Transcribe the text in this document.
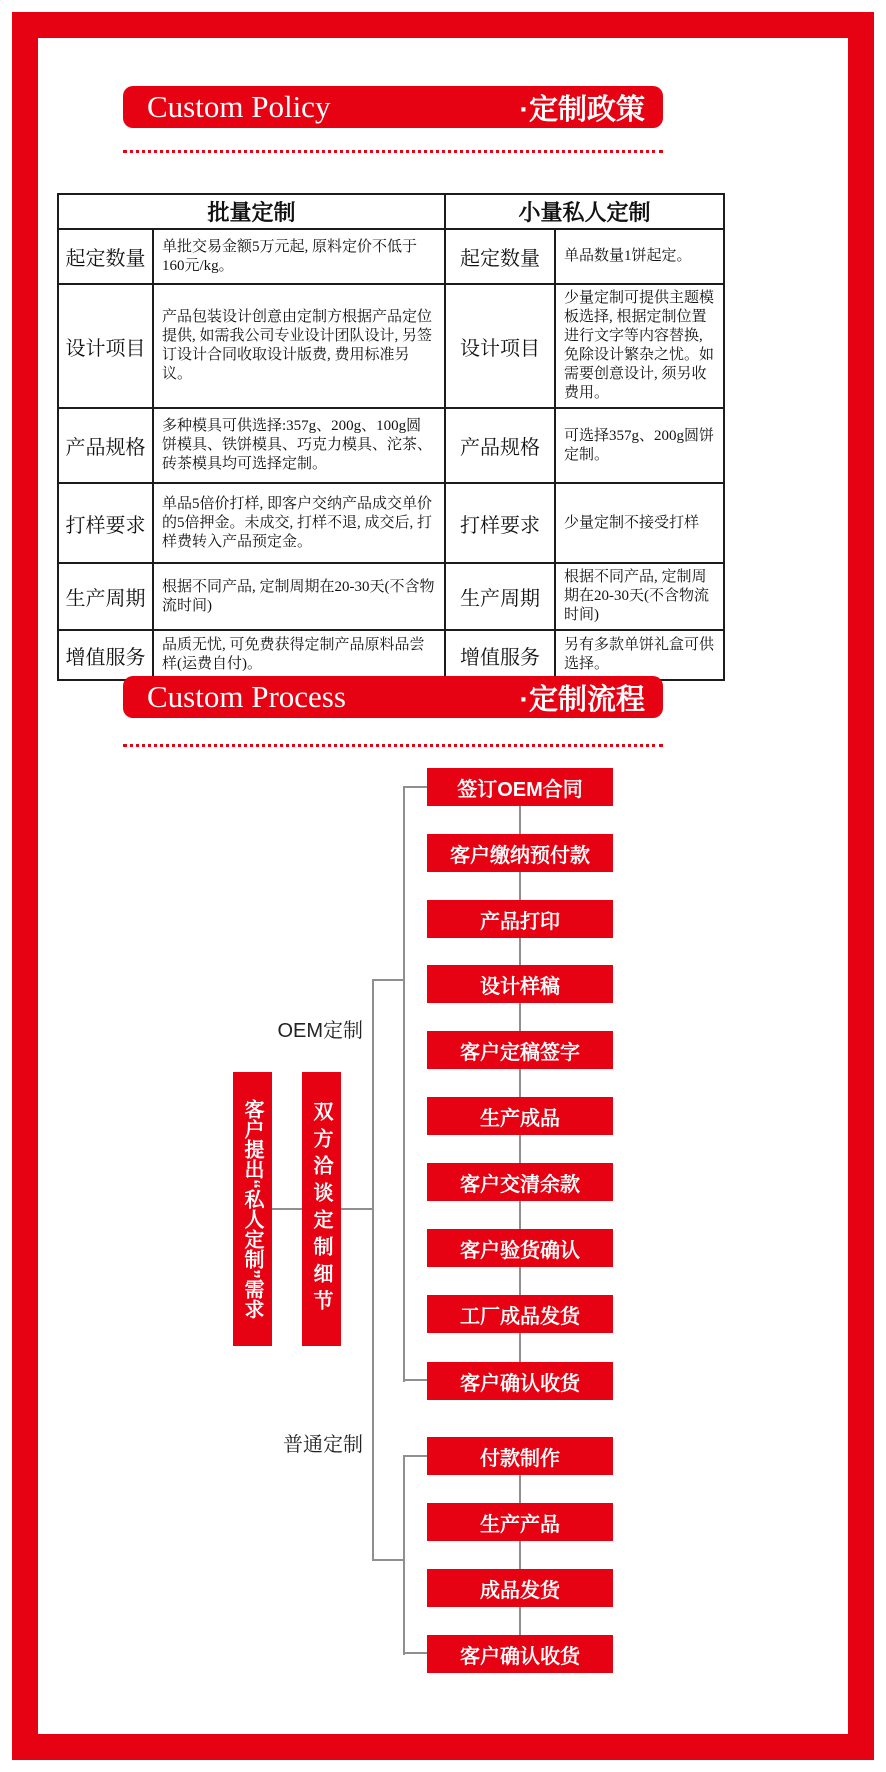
Custom Policy	·定制政策
批量定制		小量私人定制	
起定数量	单批交易金额5万元起, 原料定价不低于160元/kg。	起定数量	单品数量1饼起定。
设计项目	产品包装设计创意由定制方根据产品定位提供, 如需我公司专业设计团队设计, 另签订设计合同收取设计版费, 费用标准另议。	设计项目	少量定制可提供主题模板选择, 根据定制位置进行文字等内容替换, 免除设计繁杂之忧。如需要创意设计, 须另收费用。
产品规格	多种模具可供选择:357g、200g、100g圆饼模具、铁饼模具、巧克力模具、沱茶、砖茶模具均可选择定制。	产品规格	可选择357g、200g圆饼定制。
打样要求	单品5倍价打样, 即客户交纳产品成交单价的5倍押金。未成交, 打样不退, 成交后, 打样费转入产品预定金。	打样要求	少量定制不接受打样
生产周期	根据不同产品, 定制周期在20-30天(不含物流时间)	生产周期	根据不同产品, 定制周期在20-30天(不含物流时间)
增值服务	品质无忧, 可免费获得定制产品原料品尝样(运费自付)。	增值服务	另有多款单饼礼盒可供选择。
Custom Process	·定制流程
客户提出“私人定制”需求	双方洽谈定制细节
OEM定制
普通定制
签订OEM合同
客户缴纳预付款
产品打印
设计样稿
客户定稿签字
生产成品
客户交清余款
客户验货确认
工厂成品发货
客户确认收货
付款制作
生产产品
成品发货
客户确认收货
